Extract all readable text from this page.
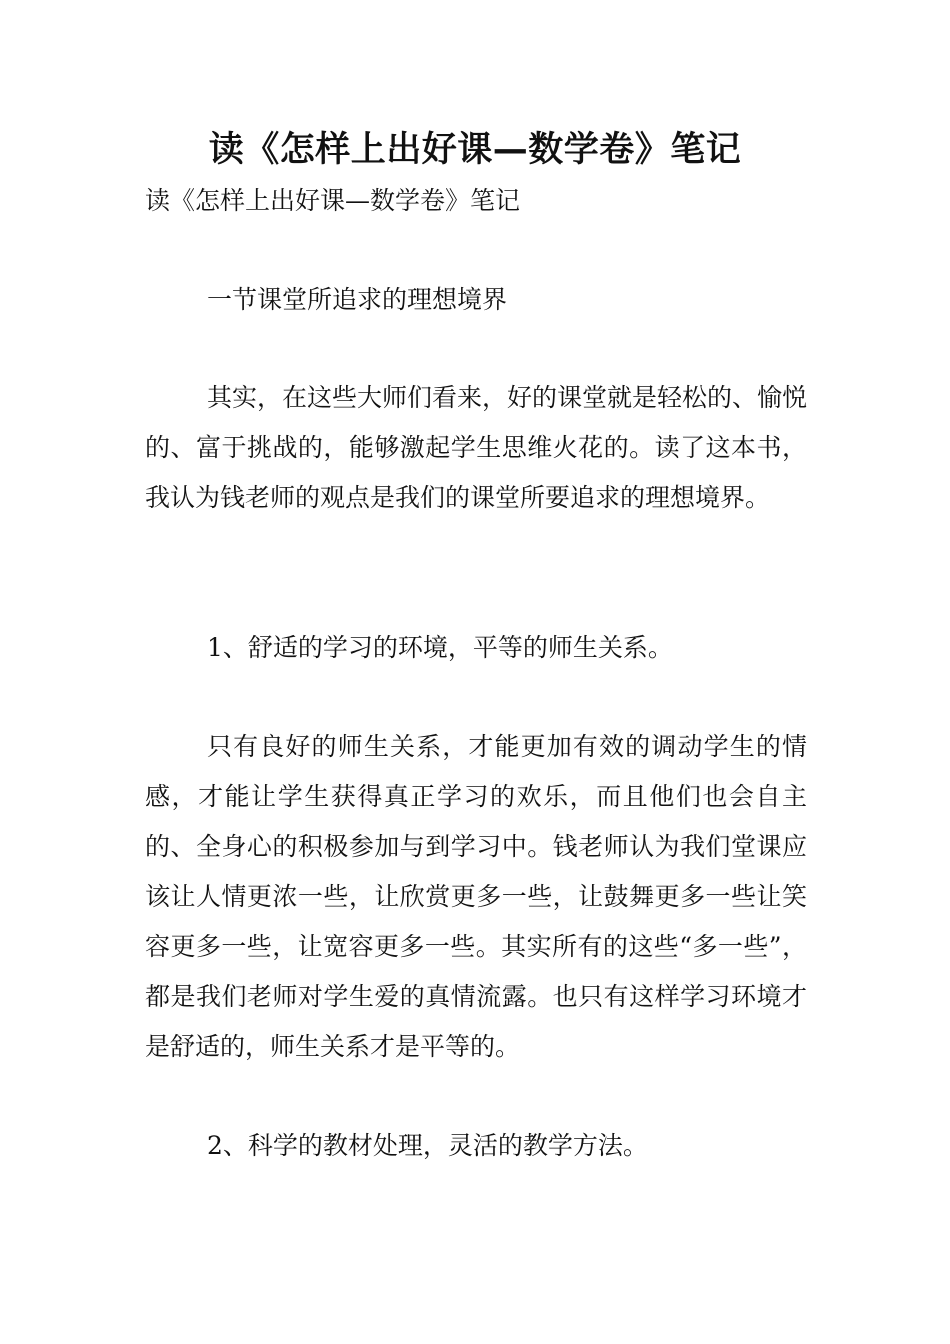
读《怎样上出好课—数学卷》笔记

读《怎样上出好课—数学卷》笔记

一节课堂所追求的理想境界

其实，在这些大师们看来，好的课堂就是轻松的、愉悦的、富于挑战的，能够激起学生思维火花的。读了这本书，我认为钱老师的观点是我们的课堂所要追求的理想境界。

1、舒适的学习的环境，平等的师生关系。

只有良好的师生关系，才能更加有效的调动学生的情感，才能让学生获得真正学习的欢乐，而且他们也会自主的、全身心的积极参加与到学习中。钱老师认为我们堂课应该让人情更浓一些，让欣赏更多一些，让鼓舞更多一些让笑容更多一些，让宽容更多一些。其实所有的这些“多一些”，都是我们老师对学生爱的真情流露。也只有这样学习环境才是舒适的，师生关系才是平等的。

2、科学的教材处理，灵活的教学方法。
